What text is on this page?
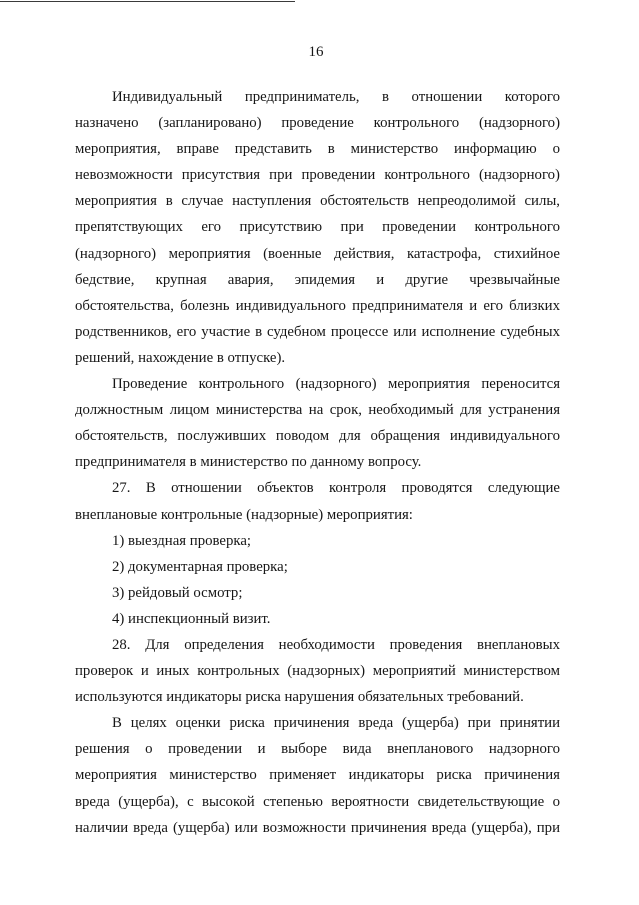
16
Индивидуальный предприниматель, в отношении которого
назначено (запланировано) проведение контрольного (надзорного)
мероприятия, вправе представить в министерство информацию о
невозможности присутствия при проведении контрольного (надзорного)
мероприятия в случае наступления обстоятельств непреодолимой силы,
препятствующих его присутствию при проведении контрольного
(надзорного) мероприятия (военные действия, катастрофа, стихийное
бедствие, крупная авария, эпидемия и другие чрезвычайные
обстоятельства, болезнь индивидуального предпринимателя и его близких
родственников, его участие в судебном процессе или исполнение судебных
решений, нахождение в отпуске).
Проведение контрольного (надзорного) мероприятия переносится
должностным лицом министерства на срок, необходимый для устранения
обстоятельств, послуживших поводом для обращения индивидуального
предпринимателя в министерство по данному вопросу.
27. В отношении объектов контроля проводятся следующие
внеплановые контрольные (надзорные) мероприятия:
1) выездная проверка;
2) документарная проверка;
3) рейдовый осмотр;
4) инспекционный визит.
28. Для определения необходимости проведения внеплановых
проверок и иных контрольных (надзорных) мероприятий министерством
используются индикаторы риска нарушения обязательных требований.
В целях оценки риска причинения вреда (ущерба) при принятии
решения о проведении и выборе вида внепланового надзорного
мероприятия министерство применяет индикаторы риска причинения
вреда (ущерба), с высокой степенью вероятности свидетельствующие о
наличии вреда (ущерба) или возможности причинения вреда (ущерба), при
